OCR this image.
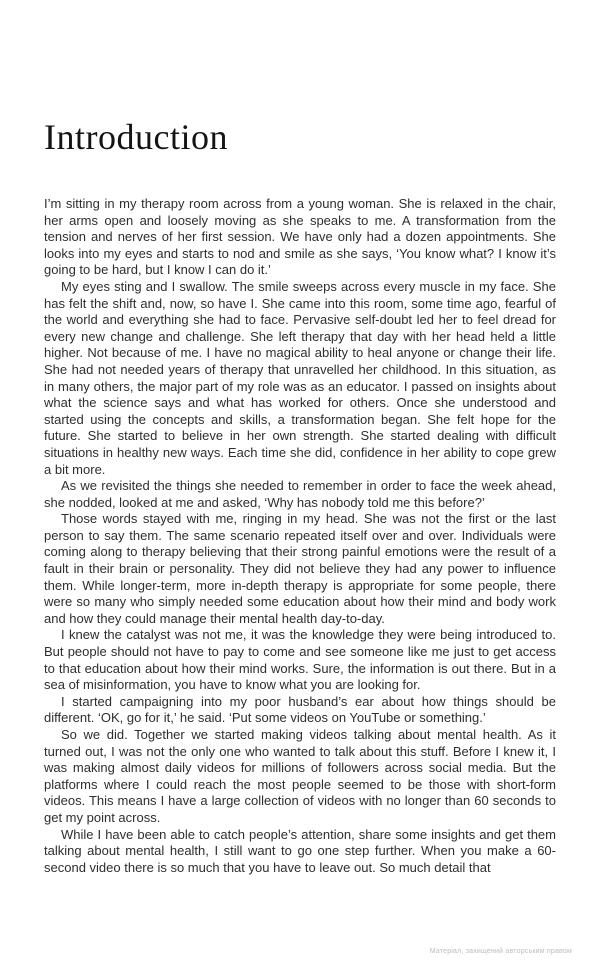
Introduction

I’m sitting in my therapy room across from a young woman. She is relaxed in the chair, her arms open and loosely moving as she speaks to me. A transformation from the tension and nerves of her first session. We have only had a dozen appointments. She looks into my eyes and starts to nod and smile as she says, ‘You know what? I know it’s going to be hard, but I know I can do it.’

My eyes sting and I swallow. The smile sweeps across every muscle in my face. She has felt the shift and, now, so have I. She came into this room, some time ago, fearful of the world and everything she had to face. Pervasive self-doubt led her to feel dread for every new change and challenge. She left therapy that day with her head held a little higher. Not because of me. I have no magical ability to heal anyone or change their life. She had not needed years of therapy that unravelled her childhood. In this situation, as in many others, the major part of my role was as an educator. I passed on insights about what the science says and what has worked for others. Once she understood and started using the concepts and skills, a transformation began. She felt hope for the future. She started to believe in her own strength. She started dealing with difficult situations in healthy new ways. Each time she did, confidence in her ability to cope grew a bit more.

As we revisited the things she needed to remember in order to face the week ahead, she nodded, looked at me and asked, ‘Why has nobody told me this before?’

Those words stayed with me, ringing in my head. She was not the first or the last person to say them. The same scenario repeated itself over and over. Individuals were coming along to therapy believing that their strong painful emotions were the result of a fault in their brain or personality. They did not believe they had any power to influence them. While longer-term, more in-depth therapy is appropriate for some people, there were so many who simply needed some education about how their mind and body work and how they could manage their mental health day-to-day.

I knew the catalyst was not me, it was the knowledge they were being introduced to. But people should not have to pay to come and see someone like me just to get access to that education about how their mind works. Sure, the information is out there. But in a sea of misinformation, you have to know what you are looking for.

I started campaigning into my poor husband’s ear about how things should be different. ‘OK, go for it,’ he said. ‘Put some videos on YouTube or something.’

So we did. Together we started making videos talking about mental health. As it turned out, I was not the only one who wanted to talk about this stuff. Before I knew it, I was making almost daily videos for millions of followers across social media. But the platforms where I could reach the most people seemed to be those with short-form videos. This means I have a large collection of videos with no longer than 60 seconds to get my point across.

While I have been able to catch people’s attention, share some insights and get them talking about mental health, I still want to go one step further. When you make a 60-second video there is so much that you have to leave out. So much detail that

Матеріал, захищений авторським правом
